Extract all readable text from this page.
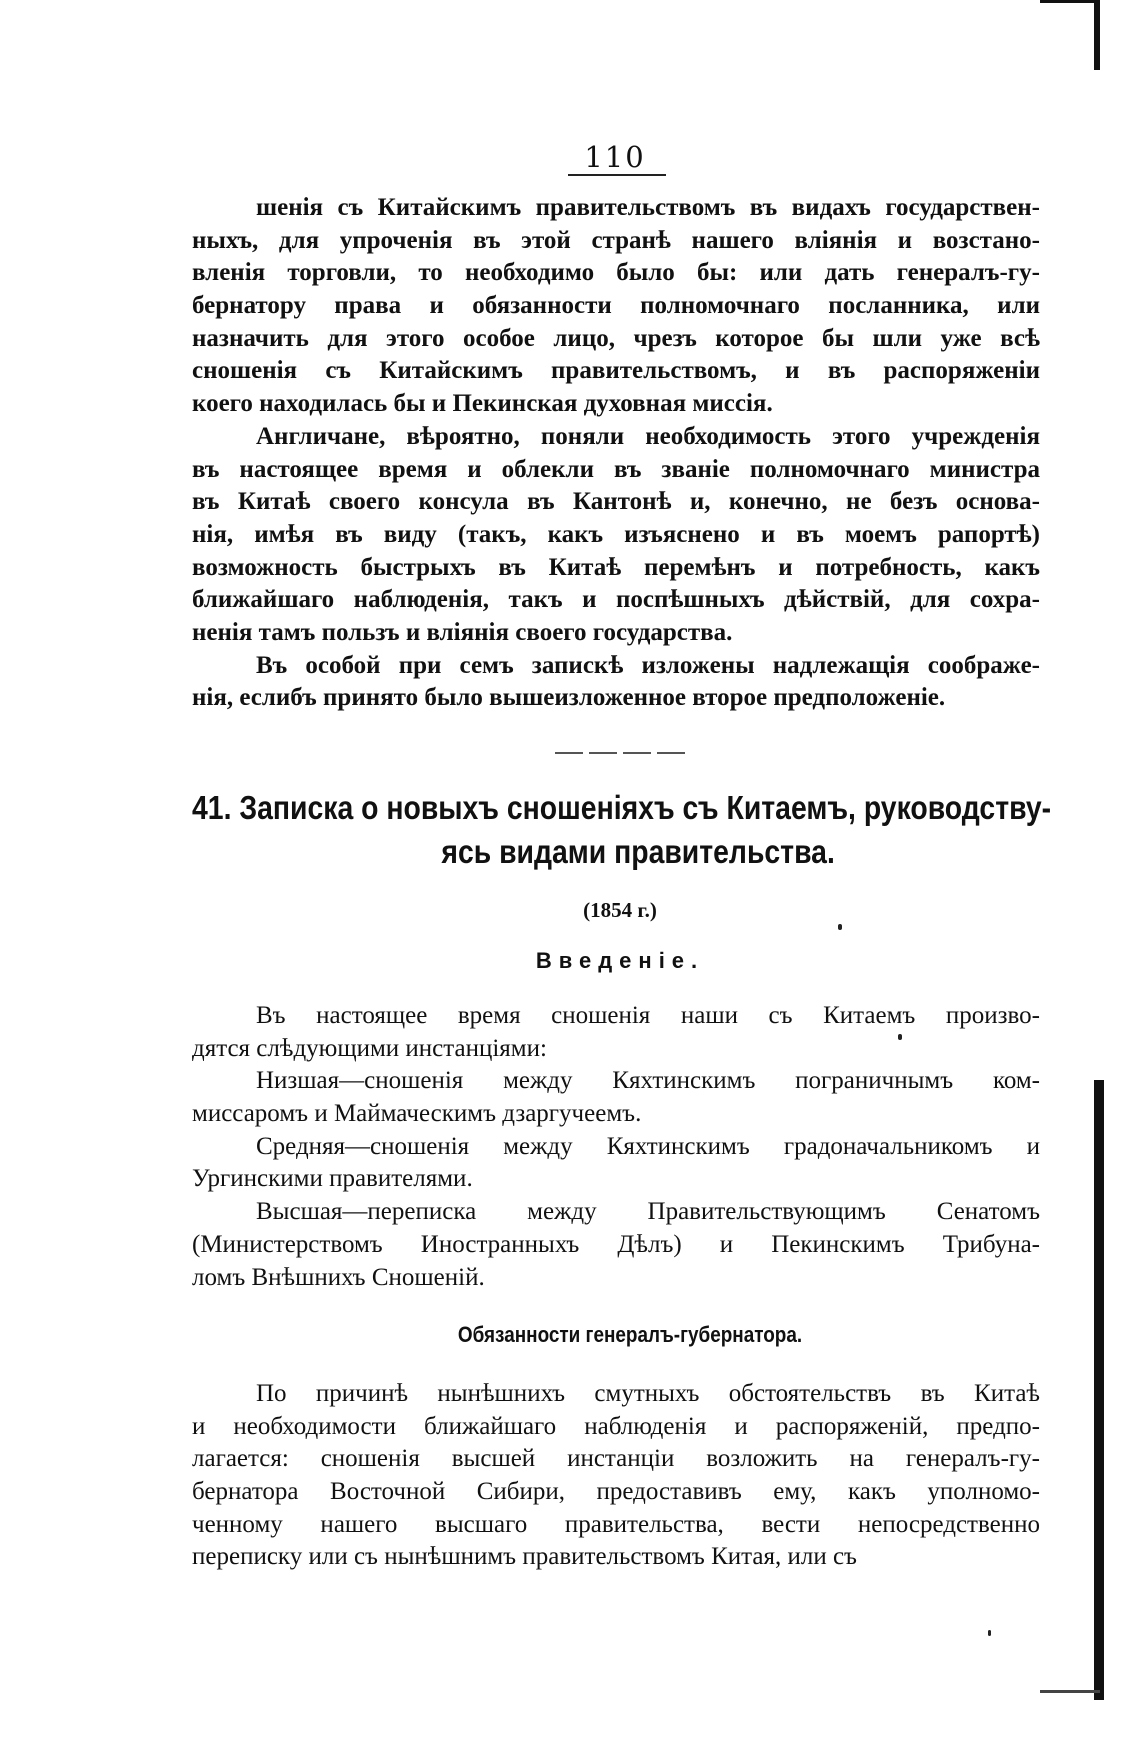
110
шенія съ Китайскимъ правительствомъ въ видахъ государствен-
ныхъ, для упроченія въ этой странѣ нашего вліянія и возстано-
вленія торговли, то необходимо было бы: или дать генералъ-гу-
бернатору права и обязанности полномочнаго посланника, или
назначить для этого особое лицо, чрезъ которое бы шли уже всѣ
сношенія съ Китайскимъ правительствомъ, и въ распоряженіи
коего находилась бы и Пекинская духовная миссія.
Англичане, вѣроятно, поняли необходимость этого учрежденія
въ настоящее время и облекли въ званіе полномочнаго министра
въ Китаѣ своего консула въ Кантонѣ и, конечно, не безъ основа-
нія, имѣя въ виду (такъ, какъ изъяснено и въ моемъ рапортѣ)
возможность быстрыхъ въ Китаѣ перемѣнъ и потребность, какъ
ближайшаго наблюденія, такъ и поспѣшныхъ дѣйствій, для сохра-
ненія тамъ пользъ и вліянія своего государства.
Въ особой при семъ запискѣ изложены надлежащія соображе-
нія, еслибъ принято было вышеизложенное второе предположеніе.
41. Записка о новыхъ сношеніяхъ съ Китаемъ, руководству-
ясь видами правительства.
(1854 г.)
Введеніе.
Въ настоящее время сношенія наши съ Китаемъ произво-
дятся слѣдующими инстанціями:
Низшая—сношенія между Кяхтинскимъ пограничнымъ ком-
миссаромъ и Маймаческимъ дзаргучеемъ.
Средняя—сношенія между Кяхтинскимъ градоначальникомъ и
Ургинскими правителями.
Высшая—переписка между Правительствующимъ Сенатомъ
(Министерствомъ Иностранныхъ Дѣлъ) и Пекинскимъ Трибуна-
ломъ Внѣшнихъ Сношеній.
Обязанности генералъ-губернатора.
По причинѣ нынѣшнихъ смутныхъ обстоятельствъ въ Китаѣ
и необходимости ближайшаго наблюденія и распоряженій, предпо-
лагается: сношенія высшей инстанціи возложить на генералъ-гу-
бернатора Восточной Сибири, предоставивъ ему, какъ уполномо-
ченному нашего высшаго правительства, вести непосредственно
переписку или съ нынѣшнимъ правительствомъ Китая, или съ
